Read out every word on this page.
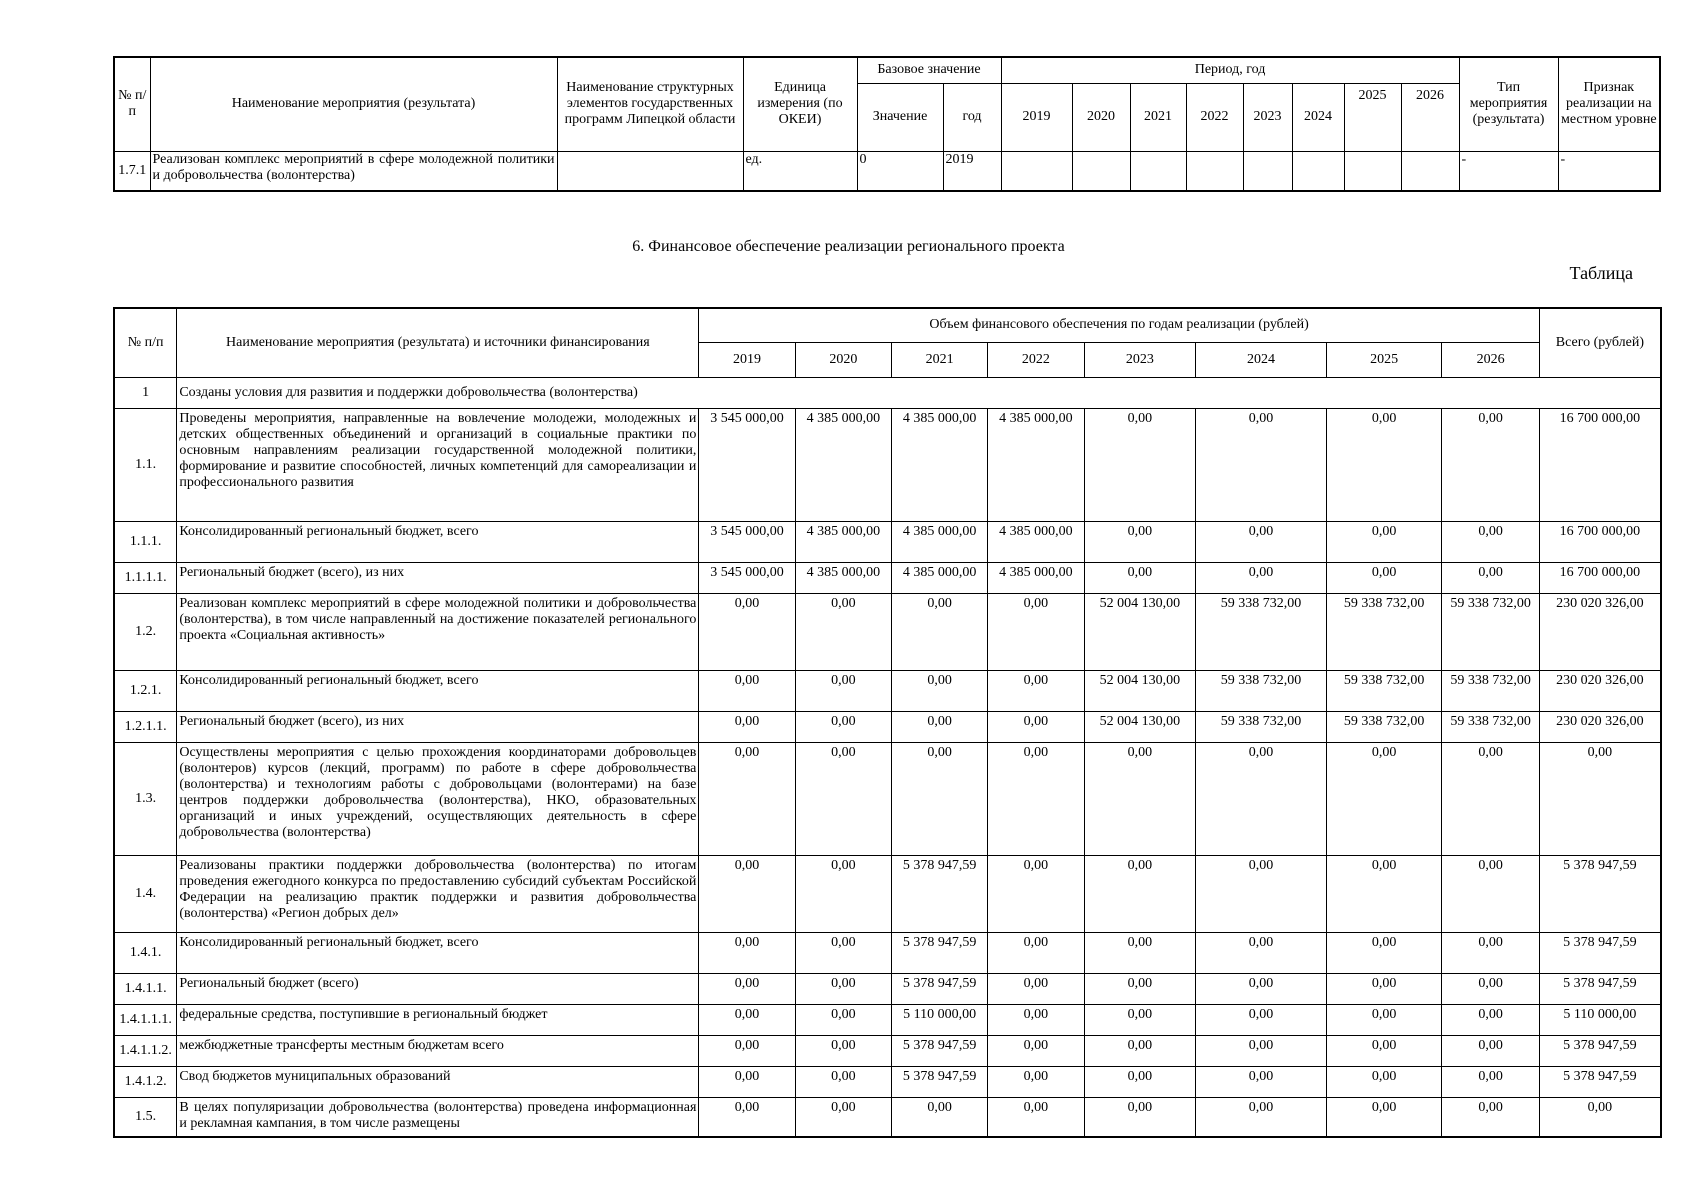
№ п/п	Наименование мероприятия (результата)	Наименование структурных элементов государственных программ Липецкой области	Единица измерения (по ОКЕИ)	Базовое значение		Период, год								Тип мероприятия (результата)	Признак реализации на местном уровне
				Значение	год	2019	2020	2021	2022	2023	2024	2025	2026		
1.7.1	Реализован комплекс мероприятий в сфере молодежной политики и добровольчества (волонтерства)		ед.	0	2019									-	-
6. Финансовое обеспечение реализации регионального проекта
Таблица
№ п/п	Наименование мероприятия (результата) и источники финансирования	Объем финансового обеспечения по годам реализации (рублей)								Всего (рублей)
		2019	2020	2021	2022	2023	2024	2025	2026	
1	Созданы условия для развития и поддержки добровольчества (волонтерства)									
1.1.	Проведены мероприятия, направленные на вовлечение молодежи, молодежных и детских общественных объединений и организаций в социальные практики по основным направлениям реализации государственной молодежной политики, формирование и развитие способностей, личных компетенций для самореализации и профессионального развития	3 545 000,00	4 385 000,00	4 385 000,00	4 385 000,00	0,00	0,00	0,00	0,00	16 700 000,00
1.1.1.	Консолидированный региональный бюджет, всего	3 545 000,00	4 385 000,00	4 385 000,00	4 385 000,00	0,00	0,00	0,00	0,00	16 700 000,00
1.1.1.1.	Региональный бюджет (всего), из них	3 545 000,00	4 385 000,00	4 385 000,00	4 385 000,00	0,00	0,00	0,00	0,00	16 700 000,00
1.2.	Реализован комплекс мероприятий в сфере молодежной политики и добровольчества (волонтерства), в том числе направленный на достижение показателей регионального проекта «Социальная активность»	0,00	0,00	0,00	0,00	52 004 130,00	59 338 732,00	59 338 732,00	59 338 732,00	230 020 326,00
1.2.1.	Консолидированный региональный бюджет, всего	0,00	0,00	0,00	0,00	52 004 130,00	59 338 732,00	59 338 732,00	59 338 732,00	230 020 326,00
1.2.1.1.	Региональный бюджет (всего), из них	0,00	0,00	0,00	0,00	52 004 130,00	59 338 732,00	59 338 732,00	59 338 732,00	230 020 326,00
1.3.	Осуществлены мероприятия с целью прохождения координаторами добровольцев (волонтеров) курсов (лекций, программ) по работе в сфере добровольчества (волонтерства) и технологиям работы с добровольцами (волонтерами) на базе центров поддержки добровольчества (волонтерства), НКО, образовательных организаций и иных учреждений, осуществляющих деятельность в сфере добровольчества (волонтерства)	0,00	0,00	0,00	0,00	0,00	0,00	0,00	0,00	0,00
1.4.	Реализованы практики поддержки добровольчества (волонтерства) по итогам проведения ежегодного конкурса по предоставлению субсидий субъектам Российской Федерации на реализацию практик поддержки и развития добровольчества (волонтерства) «Регион добрых дел»	0,00	0,00	5 378 947,59	0,00	0,00	0,00	0,00	0,00	5 378 947,59
1.4.1.	Консолидированный региональный бюджет, всего	0,00	0,00	5 378 947,59	0,00	0,00	0,00	0,00	0,00	5 378 947,59
1.4.1.1.	Региональный бюджет (всего)	0,00	0,00	5 378 947,59	0,00	0,00	0,00	0,00	0,00	5 378 947,59
1.4.1.1.1.	федеральные средства, поступившие в региональный бюджет	0,00	0,00	5 110 000,00	0,00	0,00	0,00	0,00	0,00	5 110 000,00
1.4.1.1.2.	межбюджетные трансферты местным бюджетам всего	0,00	0,00	5 378 947,59	0,00	0,00	0,00	0,00	0,00	5 378 947,59
1.4.1.2.	Свод бюджетов муниципальных образований	0,00	0,00	5 378 947,59	0,00	0,00	0,00	0,00	0,00	5 378 947,59
1.5.	В целях популяризации добровольчества (волонтерства) проведена информационная и рекламная кампания, в том числе размещены	0,00	0,00	0,00	0,00	0,00	0,00	0,00	0,00	0,00
